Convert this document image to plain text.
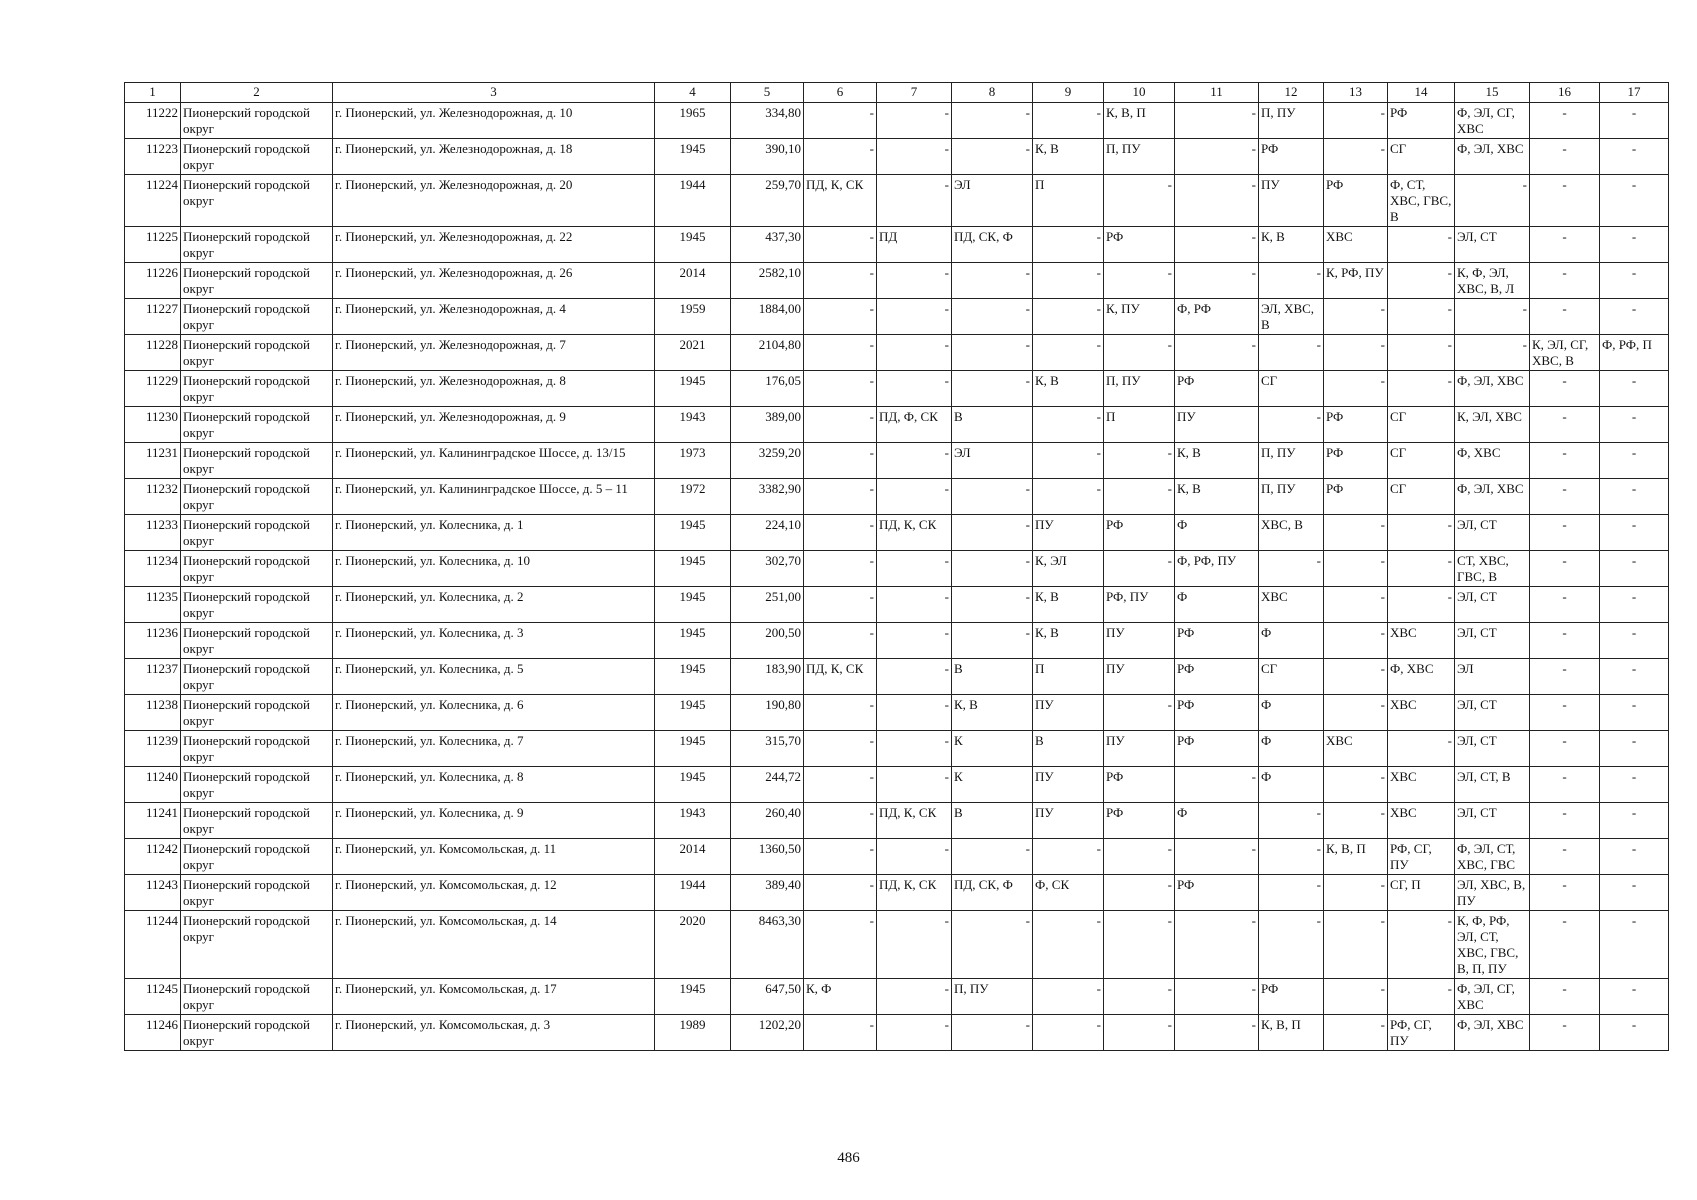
1	2	3	4	5	6	7	8	9	10	11	12	13	14	15	16	17
11222	Пионерский городской округ	г. Пионерский, ул. Железнодорожная, д. 10	1965	334,80	-	-	-	-	К, В, П	-	П, ПУ	-	РФ	Ф, ЭЛ, СГ, ХВС	-	-
11223	Пионерский городской округ	г. Пионерский, ул. Железнодорожная, д. 18	1945	390,10	-	-	-	К, В	П, ПУ	-	РФ	-	СГ	Ф, ЭЛ, ХВС	-	-
11224	Пионерский городской округ	г. Пионерский, ул. Железнодорожная, д. 20	1944	259,70	ПД, К, СК	-	ЭЛ	П	-	-	ПУ	РФ	Ф, СТ, ХВС, ГВС, В	-	-	-
11225	Пионерский городской округ	г. Пионерский, ул. Железнодорожная, д. 22	1945	437,30	-	ПД	ПД, СК, Ф	-	РФ	-	К, В	ХВС	-	ЭЛ, СТ	-	-
11226	Пионерский городской округ	г. Пионерский, ул. Железнодорожная, д. 26	2014	2582,10	-	-	-	-	-	-	-	К, РФ, ПУ	-	К, Ф, ЭЛ, ХВС, В, Л	-	-
11227	Пионерский городской округ	г. Пионерский, ул. Железнодорожная, д. 4	1959	1884,00	-	-	-	-	К, ПУ	Ф, РФ	ЭЛ, ХВС, В	-	-	-	-	-
11228	Пионерский городской округ	г. Пионерский, ул. Железнодорожная, д. 7	2021	2104,80	-	-	-	-	-	-	-	-	-	-	К, ЭЛ, СГ, ХВС, В	Ф, РФ, П
11229	Пионерский городской округ	г. Пионерский, ул. Железнодорожная, д. 8	1945	176,05	-	-	-	К, В	П, ПУ	РФ	СГ	-	-	Ф, ЭЛ, ХВС	-	-
11230	Пионерский городской округ	г. Пионерский, ул. Железнодорожная, д. 9	1943	389,00	-	ПД, Ф, СК	В	-	П	ПУ	-	РФ	СГ	К, ЭЛ, ХВС	-	-
11231	Пионерский городской округ	г. Пионерский, ул. Калининградское Шоссе, д. 13/15	1973	3259,20	-	-	ЭЛ	-	-	К, В	П, ПУ	РФ	СГ	Ф, ХВС	-	-
11232	Пионерский городской округ	г. Пионерский, ул. Калининградское Шоссе, д. 5 – 11	1972	3382,90	-	-	-	-	-	К, В	П, ПУ	РФ	СГ	Ф, ЭЛ, ХВС	-	-
11233	Пионерский городской округ	г. Пионерский, ул. Колесника, д. 1	1945	224,10	-	ПД, К, СК	-	ПУ	РФ	Ф	ХВС, В	-	-	ЭЛ, СТ	-	-
11234	Пионерский городской округ	г. Пионерский, ул. Колесника, д. 10	1945	302,70	-	-	-	К, ЭЛ	-	Ф, РФ, ПУ	-	-	-	СТ, ХВС, ГВС, В	-	-
11235	Пионерский городской округ	г. Пионерский, ул. Колесника, д. 2	1945	251,00	-	-	-	К, В	РФ, ПУ	Ф	ХВС	-	-	ЭЛ, СТ	-	-
11236	Пионерский городской округ	г. Пионерский, ул. Колесника, д. 3	1945	200,50	-	-	-	К, В	ПУ	РФ	Ф	-	ХВС	ЭЛ, СТ	-	-
11237	Пионерский городской округ	г. Пионерский, ул. Колесника, д. 5	1945	183,90	ПД, К, СК	-	В	П	ПУ	РФ	СГ	-	Ф, ХВС	ЭЛ	-	-
11238	Пионерский городской округ	г. Пионерский, ул. Колесника, д. 6	1945	190,80	-	-	К, В	ПУ	-	РФ	Ф	-	ХВС	ЭЛ, СТ	-	-
11239	Пионерский городской округ	г. Пионерский, ул. Колесника, д. 7	1945	315,70	-	-	К	В	ПУ	РФ	Ф	ХВС	-	ЭЛ, СТ	-	-
11240	Пионерский городской округ	г. Пионерский, ул. Колесника, д. 8	1945	244,72	-	-	К	ПУ	РФ	-	Ф	-	ХВС	ЭЛ, СТ, В	-	-
11241	Пионерский городской округ	г. Пионерский, ул. Колесника, д. 9	1943	260,40	-	ПД, К, СК	В	ПУ	РФ	Ф	-	-	ХВС	ЭЛ, СТ	-	-
11242	Пионерский городской округ	г. Пионерский, ул. Комсомольская, д. 11	2014	1360,50	-	-	-	-	-	-	-	К, В, П	РФ, СГ, ПУ	Ф, ЭЛ, СТ, ХВС, ГВС	-	-
11243	Пионерский городской округ	г. Пионерский, ул. Комсомольская, д. 12	1944	389,40	-	ПД, К, СК	ПД, СК, Ф	Ф, СК	-	РФ	-	-	СГ, П	ЭЛ, ХВС, В, ПУ	-	-
11244	Пионерский городской округ	г. Пионерский, ул. Комсомольская, д. 14	2020	8463,30	-	-	-	-	-	-	-	-	-	К, Ф, РФ, ЭЛ, СТ, ХВС, ГВС, В, П, ПУ	-	-
11245	Пионерский городской округ	г. Пионерский, ул. Комсомольская, д. 17	1945	647,50	К, Ф	-	П, ПУ	-	-	-	РФ	-	-	Ф, ЭЛ, СГ, ХВС	-	-
11246	Пионерский городской округ	г. Пионерский, ул. Комсомольская, д. 3	1989	1202,20	-	-	-	-	-	-	К, В, П	-	РФ, СГ, ПУ	Ф, ЭЛ, ХВС	-	-
486
